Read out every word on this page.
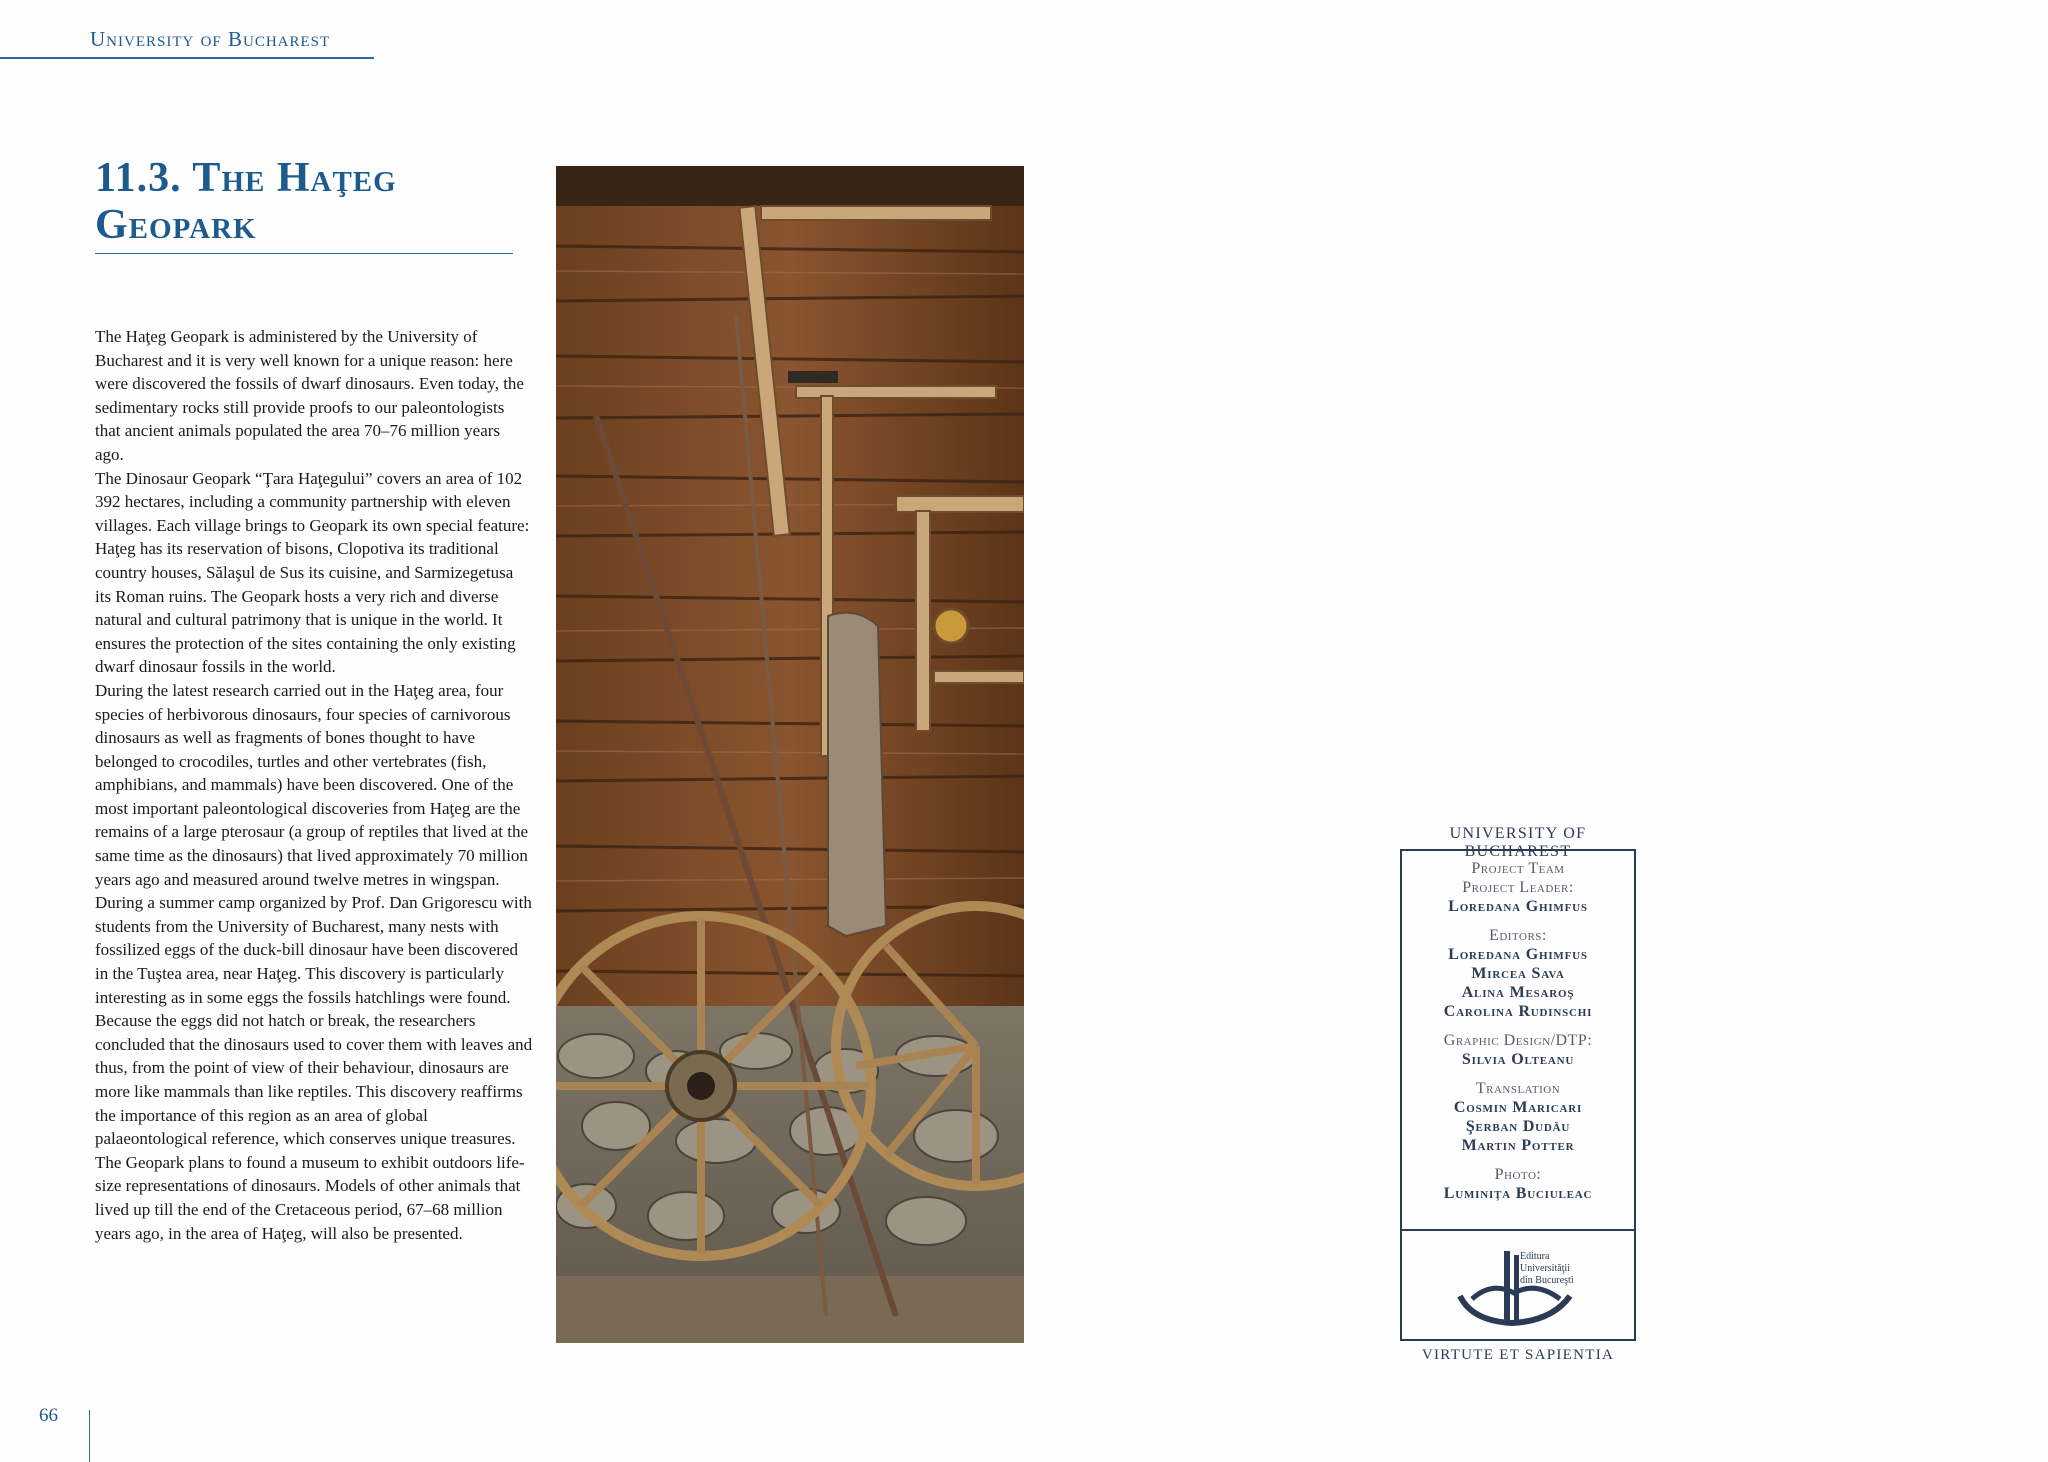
University of Bucharest
11.3. The Haţeg
Geopark

The Haţeg Geopark is administered by the University of Bucharest and it is very well known for a unique reason: here were discovered the fossils of dwarf dinosaurs. Even today, the sedimentary rocks still provide proofs to our paleontologists that ancient animals populated the area 70–76 million years ago.

The Dinosaur Geopark “Ţara Haţegului” covers an area of 102 392 hectares, including a community partnership with eleven villages. Each village brings to Geopark its own special feature: Haţeg has its reservation of bisons, Clopotiva its traditional country houses, Sălaşul de Sus its cuisine, and Sarmizegetusa its Roman ruins. The Geopark hosts a very rich and diverse natural and cultural patrimony that is unique in the world. It ensures the protection of the sites containing the only existing dwarf dinosaur fossils in the world.

During the latest research carried out in the Haţeg area, four species of herbivorous dinosaurs, four species of carnivorous dinosaurs as well as fragments of bones thought to have belonged to crocodiles, turtles and other vertebrates (fish, amphibians, and mammals) have been discovered. One of the most important paleontological discoveries from Haţeg are the remains of a large pterosaur (a group of reptiles that lived at the same time as the dinosaurs) that lived approximately 70 million years ago and measured around twelve metres in wingspan.

During a summer camp organized by Prof. Dan Grigorescu with students from the University of Bucharest, many nests with fossilized eggs of the duck-bill dinosaur have been discovered in the Tuştea area, near Haţeg. This discovery is particularly interesting as in some eggs the fossils hatchlings were found. Because the eggs did not hatch or break, the researchers concluded that the dinosaurs used to cover them with leaves and thus, from the point of view of their behaviour, dinosaurs are more like mammals than like reptiles. This discovery reaffirms the importance of this region as an area of global palaeontological reference, which conserves unique treasures.

The Geopark plans to found a museum to exhibit outdoors life-size representations of dinosaurs. Models of other animals that lived up till the end of the Cretaceous period, 67–68 million years ago, in the area of Haţeg, will also be presented.

66
UNIVERSITY OF BUCHAREST
Project Team
Project Leader:
Loredana Ghimfus
Editors:
Loredana Ghimfus
Mircea Sava
Alina Mesaroş
Carolina Rudinschi
Graphic Design/DTP:
Silvia Olteanu
Translation
Cosmin Maricari
Şerban Dudău
Martin Potter
Photo:
Luminiţa Buciuleac
Editura
Universităţii
din Bucureşti
VIRTUTE ET SAPIENTIA
